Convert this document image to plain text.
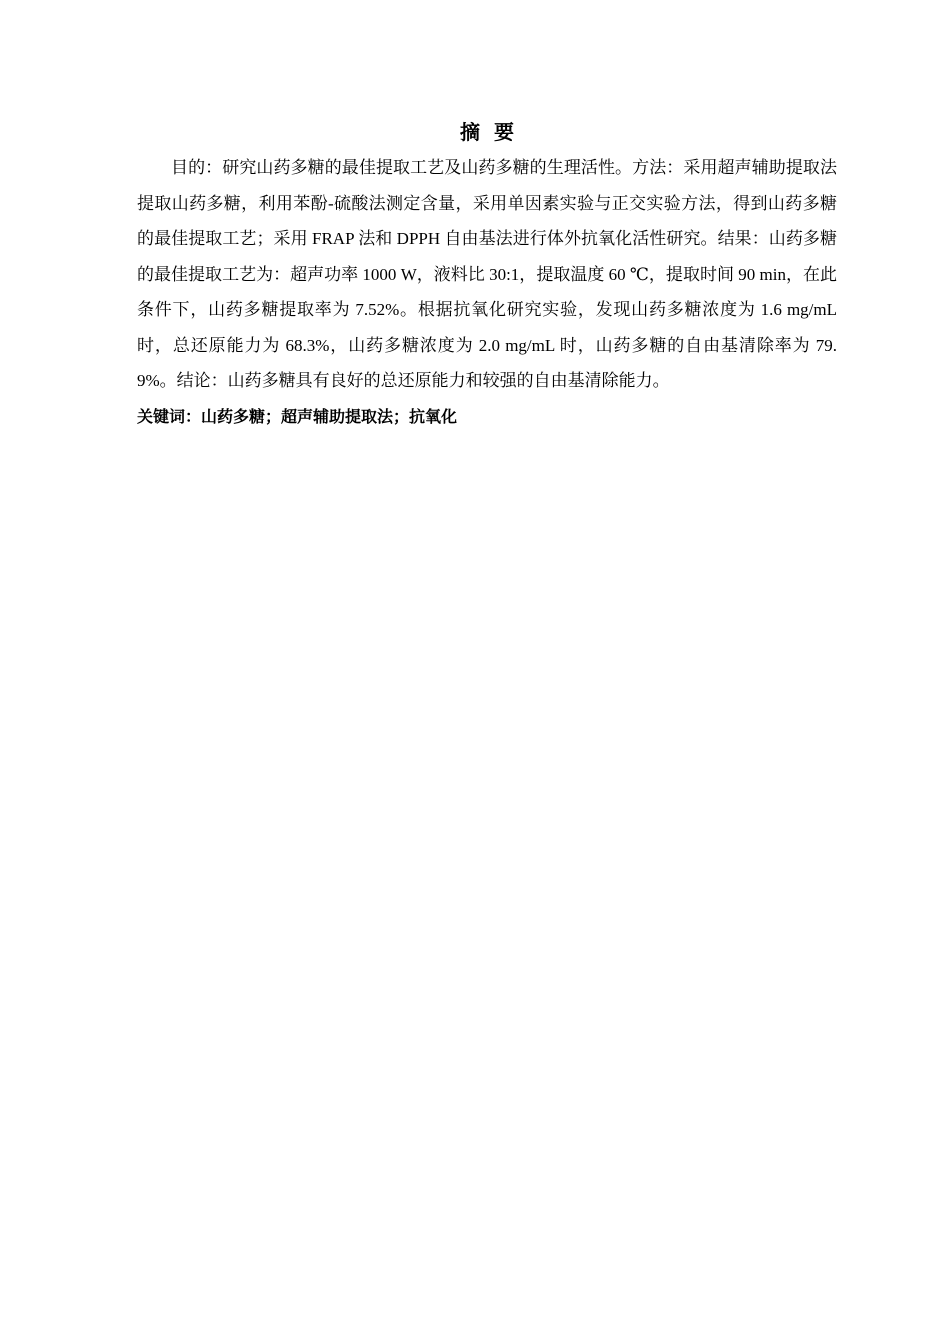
摘要

目的：研究山药多糖的最佳提取工艺及山药多糖的生理活性。方法：采用超声辅助提取法提取山药多糖，利用苯酚-硫酸法测定含量，采用单因素实验与正交实验方法，得到山药多糖的最佳提取工艺；采用 FRAP 法和 DPPH 自由基法进行体外抗氧化活性研究。结果：山药多糖的最佳提取工艺为：超声功率 1000 W，液料比 30:1，提取温度 60 ℃，提取时间 90 min，在此条件下，山药多糖提取率为 7.52%。根据抗氧化研究实验，发现山药多糖浓度为 1.6 mg/mL 时，总还原能力为 68.3%，山药多糖浓度为 2.0 mg/mL 时，山药多糖的自由基清除率为 79.9%。结论：山药多糖具有良好的总还原能力和较强的自由基清除能力。

关键词：山药多糖；超声辅助提取法；抗氧化
